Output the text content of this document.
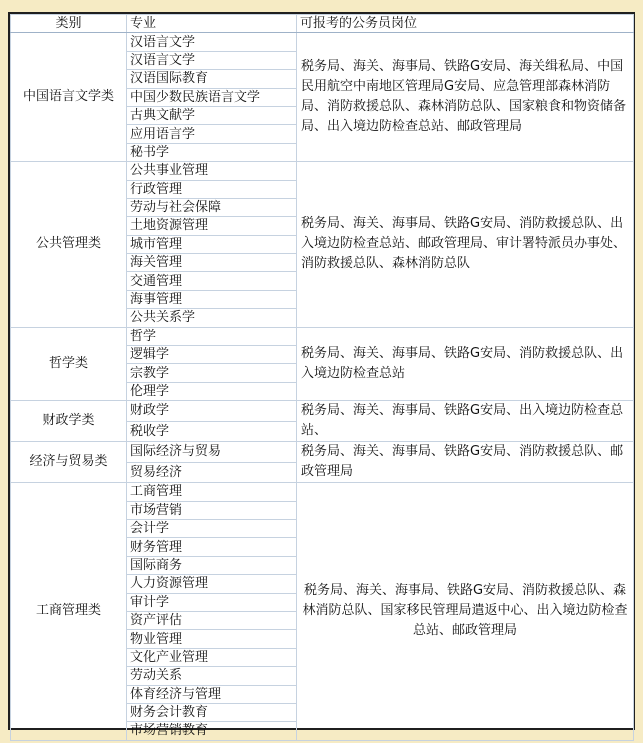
类别	专业	可报考的公务员岗位
中国语言文学类	汉语言文学	税务局、海关、海事局、铁路G安局、海关缉私局、中国民用航空中南地区管理局G安局、应急管理部森林消防局、消防救援总队、森林消防总队、国家粮食和物资储备局、出入境边防检查总站、邮政管理局
	汉语言文学	
	汉语国际教育	
	中国少数民族语言文学	
	古典文献学	
	应用语言学	
	秘书学	
公共管理类	公共事业管理	税务局、海关、海事局、铁路G安局、消防救援总队、出入境边防检查总站、邮政管理局、审计署特派员办事处、消防救援总队、森林消防总队
	行政管理	
	劳动与社会保障	
	土地资源管理	
	城市管理	
	海关管理	
	交通管理	
	海事管理	
	公共关系学	
哲学类	哲学	税务局、海关、海事局、铁路G安局、消防救援总队、出入境边防检查总站
	逻辑学	
	宗教学	
	伦理学	
财政学类	财政学	税务局、海关、海事局、铁路G安局、出入境边防检查总站、
	税收学	
经济与贸易类	国际经济与贸易	税务局、海关、海事局、铁路G安局、消防救援总队、邮政管理局
	贸易经济	
工商管理类	工商管理	税务局、海关、海事局、铁路G安局、消防救援总队、森林消防总队、国家移民管理局遣返中心、出入境边防检查总站、邮政管理局
	市场营销	
	会计学	
	财务管理	
	国际商务	
	人力资源管理	
	审计学	
	资产评估	
	物业管理	
	文化产业管理	
	劳动关系	
	体育经济与管理	
	财务会计教育	
	市场营销教育	
